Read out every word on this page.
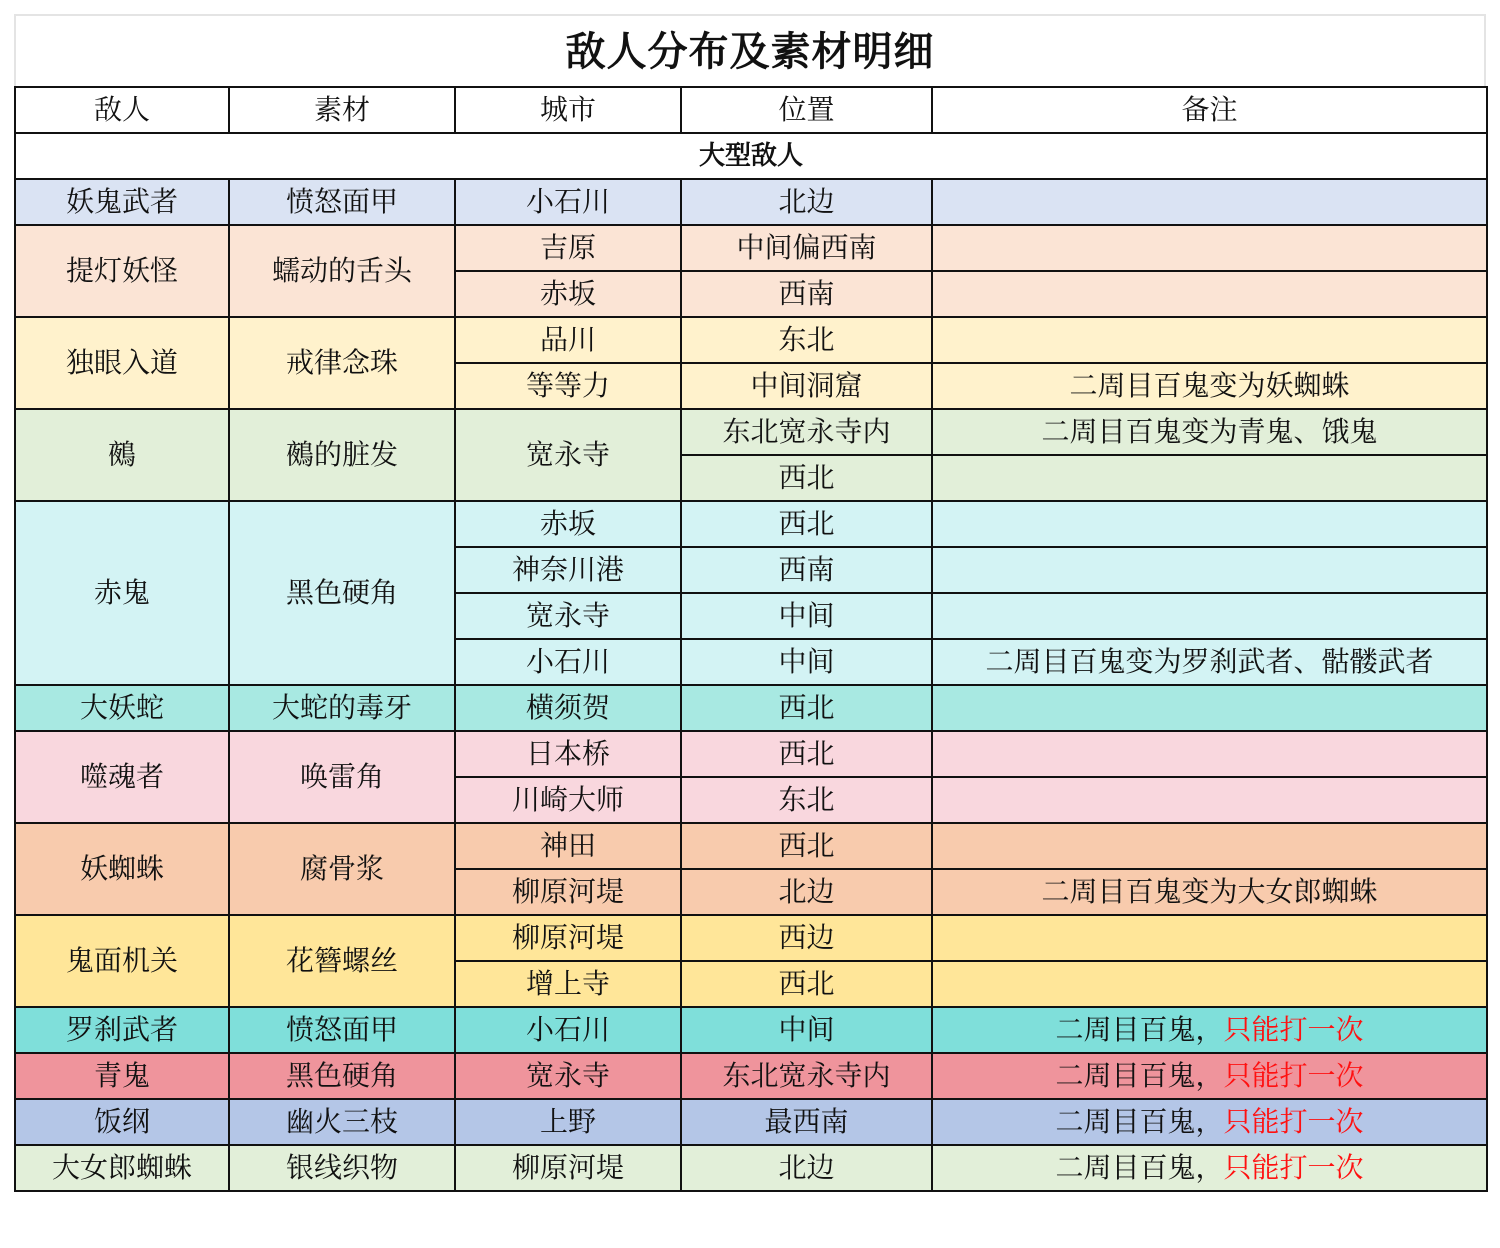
敌人分布及素材明细
敌人	素材	城市	位置	备注
大型敌人				
妖鬼武者	愤怒面甲	小石川	北边	
提灯妖怪	蠕动的舌头	吉原	中间偏西南	
		赤坂	西南	
独眼入道	戒律念珠	品川	东北	
		等等力	中间洞窟	二周目百鬼变为妖蜘蛛
鵺	鵺的脏发	宽永寺	东北宽永寺内	二周目百鬼变为青鬼、饿鬼
			西北	
赤鬼	黑色硬角	赤坂	西北	
		神奈川港	西南	
		宽永寺	中间	
		小石川	中间	二周目百鬼变为罗刹武者、骷髅武者
大妖蛇	大蛇的毒牙	横须贺	西北	
噬魂者	唤雷角	日本桥	西北	
		川崎大师	东北	
妖蜘蛛	腐骨浆	神田	西北	
		柳原河堤	北边	二周目百鬼变为大女郎蜘蛛
鬼面机关	花簪螺丝	柳原河堤	西边	
		增上寺	西北	
罗刹武者	愤怒面甲	小石川	中间	二周目百鬼，只能打一次
青鬼	黑色硬角	宽永寺	东北宽永寺内	二周目百鬼，只能打一次
饭纲	幽火三枝	上野	最西南	二周目百鬼，只能打一次
大女郎蜘蛛	银线织物	柳原河堤	北边	二周目百鬼，只能打一次
